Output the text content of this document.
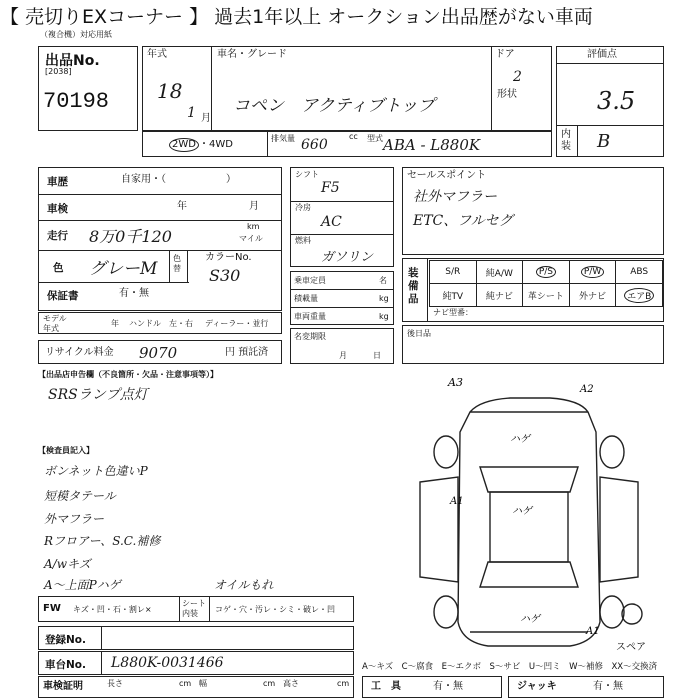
【 売切りEXコーナー 】 過去1年以上 オークション出品歴がない車両
（複合機）対応用紙
出品No.
[2038]
70198
年式
18
1 月
車名・グレード
コペン　アクティブトップ
ドア
2
形状
2WD ・4WD
排気量 660
cc 型式 ABA - L880K
評価点
3.5
内装 B
車歴	自家用・（　　　　　　）
車検	年	月
走行 8万0千120
km
マイル
色 グレーM
色替
カラーNo.
S30
保証書	有・無
モデル年式
年 ハンドル　左・右 ディーラー・並行
リサイクル料金 9070	円 預託済
シフト
F5
冷房
AC
燃料
ガソリン
乗車定員	名
積載量	kg
車両重量	kg
名変期限
月	日
セールスポイント
社外マフラー
ETC、フルセグ
装備品
S/R	純A/W	P/S	P/W	ABS
純TV	純ナビ	革シート	外ナビ	エアB
ナビ型番：
後日品
【出品店申告欄（不良箇所・欠品・注意事項等）】
SRSランプ点灯
【検査員記入】
ボンネット色違いP
短模タテール
外マフラー
Rフロアー、S.C.補修
A/wキズ
A～上面Pハゲ	オイルもれ
FW キズ・凹・石・割レ×
シート内装	コゲ・穴・汚レ・シミ・破レ・凹
登録No.
車台No. L880K-0031466
車検証明	長さ	cm 幅	cm 高さ	cm
A3
A2
ハゲ
A1
ハゲ
ハゲ
A1
スペア
A～キズ　C～腐食　E～エクボ　S～サビ　U～凹ミ　W～補修　XX～交換済
工　具	有・無	ジャッキ	有・無
